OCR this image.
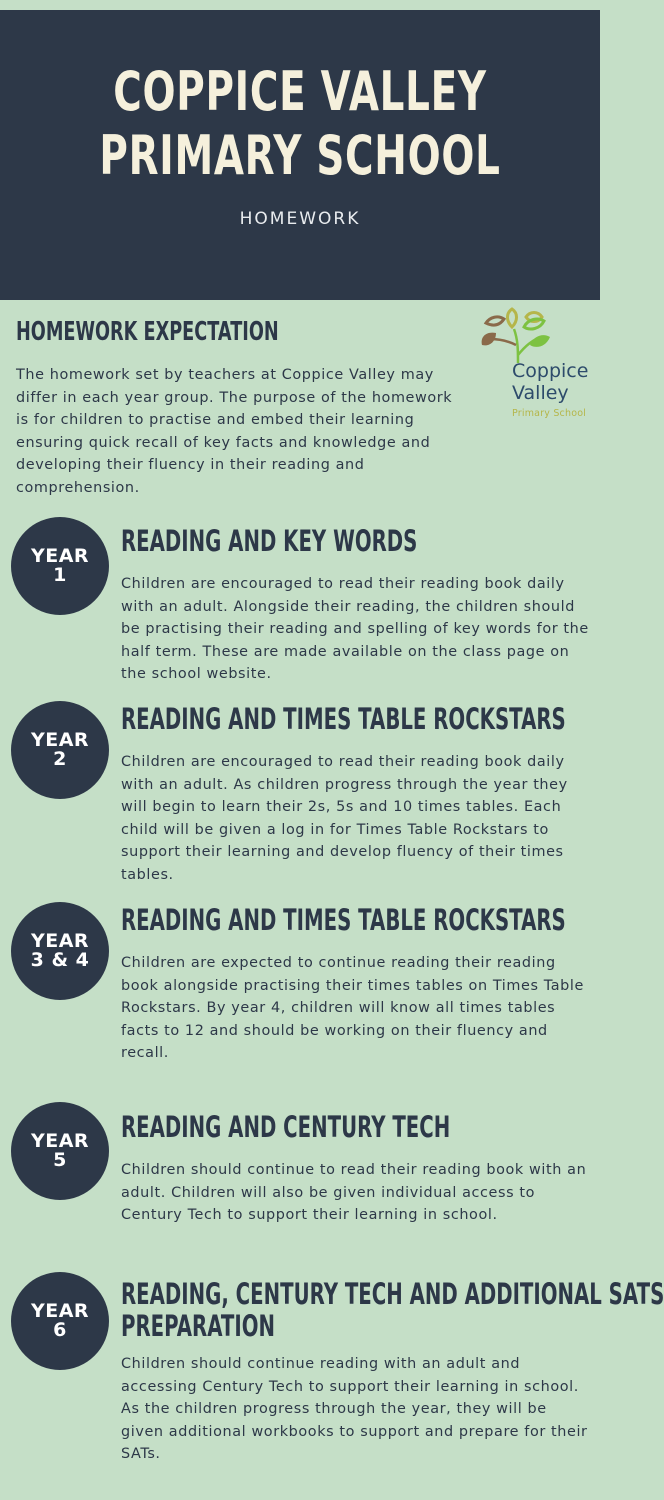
COPPICE VALLEY
PRIMARY SCHOOL
HOMEWORK
HOMEWORK EXPECTATION
The homework set by teachers at Coppice Valley may differ in each year group. The purpose of the homework is for children to practise and embed their learning ensuring quick recall of key facts and knowledge and developing their fluency in their reading and comprehension.
Coppice
Valley
Primary School
YEAR
1
READING AND KEY WORDS
Children are encouraged to read their reading book daily with an adult. Alongside their reading, the children should be practising their reading and spelling of key words for the half term. These are made available on the class page on the school website.
YEAR
2
READING AND TIMES TABLE ROCKSTARS
Children are encouraged to read their reading book daily with an adult. As children progress through the year they will begin to learn their 2s, 5s and 10 times tables. Each child will be given a log in for Times Table Rockstars to support their learning and develop fluency of their times tables.
YEAR
3 & 4
READING AND TIMES TABLE ROCKSTARS
Children are expected to continue reading their reading book alongside practising their times tables on Times Table Rockstars. By year 4, children will know all times tables facts to 12 and should be working on their fluency and recall.
YEAR
5
READING AND CENTURY TECH
Children should continue to read their reading book with an adult. Children will also be given individual access to Century Tech to support their learning in school.
YEAR
6
READING, CENTURY TECH AND ADDITIONAL SATS
PREPARATION
Children should continue reading with an adult and accessing Century Tech to support their learning in school. As the children progress through the year, they will be given additional workbooks to support and prepare for their SATs.
